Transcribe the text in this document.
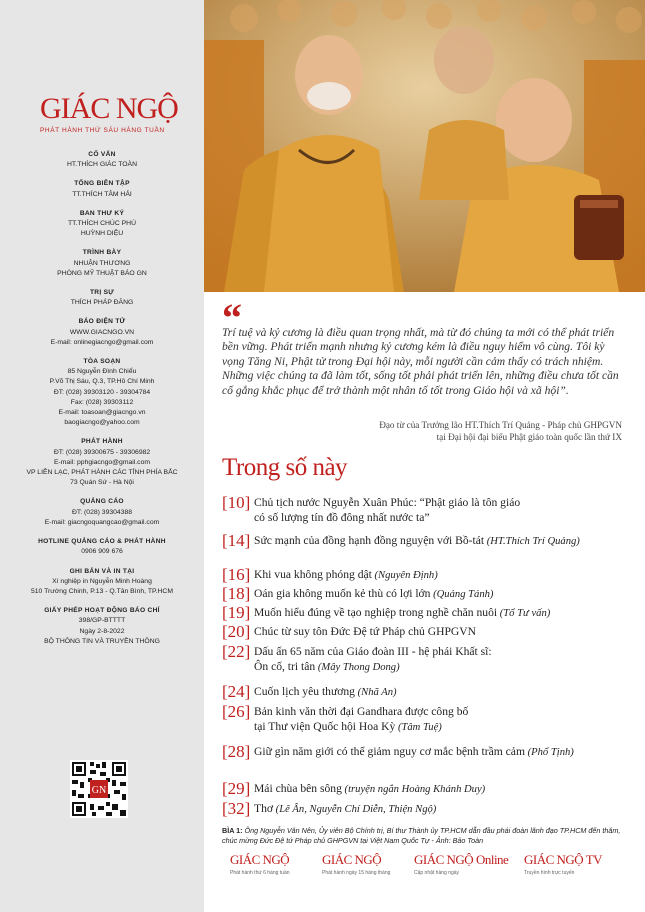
GIÁC NGỘ
PHÁT HÀNH THỨ SÁU HÀNG TUẦN
CỐ VẤN
HT.THÍCH GIÁC TOÀN
TỔNG BIÊN TẬP
TT.THÍCH TÂM HẢI
BAN THƯ KÝ
TT.THÍCH CHÚC PHÚ
HUỲNH DIỆU
TRÌNH BÀY
NHUẬN THƯƠNG
PHÒNG MỸ THUẬT BÁO GN
TRỊ SỰ
THÍCH PHÁP ĐĂNG
BÁO ĐIỆN TỬ
WWW.GIACNGO.VN
E-mail: onlinegiacngo@gmail.com
TÒA SOẠN
85 Nguyễn Đình Chiểu
P.Võ Thị Sáu, Q.3, TP.Hồ Chí Minh
ĐT: (028) 39303120 - 39304784
Fax: (028) 39303112
E-mail: toasoan@giacngo.vn
baogiacngo@yahoo.com
PHÁT HÀNH
ĐT: (028) 39300675 - 39306982
E-mail: pphgiacngo@gmail.com
VP LIÊN LẠC, PHÁT HÀNH CÁC TỈNH PHÍA BẮC
73 Quán Sứ - Hà Nội
QUẢNG CÁO
ĐT: (028) 39304388
E-mail: giacngoquangcao@gmail.com
HOTLINE QUẢNG CÁO & PHÁT HÀNH
0906 909 676
GHI BẢN VÀ IN TẠI
Xí nghiệp in Nguyễn Minh Hoàng
510 Trường Chinh, P.13 - Q.Tân Bình, TP.HCM
GIẤY PHÉP HOẠT ĐỘNG BÁO CHÍ
398/GP-BTTTT
Ngày 2-8-2022
BỘ THÔNG TIN VÀ TRUYỀN THÔNG
GN
“
Trí tuệ và kỷ cương là điều quan trọng nhất, mà từ đó chúng ta mới có thể phát triển bền vững. Phát triển mạnh nhưng kỷ cương kém là điều nguy hiểm vô cùng. Tôi kỳ vọng Tăng Ni, Phật tử trong Đại hội này, mỗi người cần cảm thấy có trách nhiệm. Những việc chúng ta đã làm tốt, sống tốt phải phát triển lên, những điều chưa tốt cần cố gắng khắc phục để trở thành một nhân tố tốt trong Giáo hội và xã hội”.
Đạo từ của Trưởng lão HT.Thích Trí Quảng - Pháp chủ GHPGVN
tại Đại hội đại biểu Phật giáo toàn quốc lần thứ IX
Trong số này
[10] Chủ tịch nước Nguyễn Xuân Phúc: “Phật giáo là tôn giáo
có số lượng tín đồ đông nhất nước ta”
[14] Sức mạnh của đồng hạnh đồng nguyện với Bồ-tát (HT.Thích Trí Quảng)
[16] Khi vua không phóng dật (Nguyên Định)
[18] Oán gia không muốn kẻ thù có lợi lớn (Quảng Tánh)
[19] Muốn hiểu đúng về tạo nghiệp trong nghề chăn nuôi (Tổ Tư vấn)
[20] Chúc từ suy tôn Đức Đệ tứ Pháp chủ GHPGVN
[22] Dấu ấn 65 năm của Giáo đoàn III - hệ phái Khất sĩ:
Ôn cố, tri tân (Mây Thong Dong)
[24] Cuốn lịch yêu thương (Nhã An)
[26] Bản kinh văn thời đại Gandhara được công bố
tại Thư viện Quốc hội Hoa Kỳ (Tâm Tuệ)
[28] Giữ gìn năm giới có thể giảm nguy cơ mắc bệnh trầm cảm (Phổ Tịnh)
[29] Mái chùa bên sông (truyện ngắn Hoàng Khánh Duy)
[32] Thơ (Lê Ân, Nguyễn Chí Diễn, Thiện Ngộ)
BÌA 1: Ông Nguyễn Văn Nên, Ủy viên Bộ Chính trị, Bí thư Thành ủy TP.HCM dẫn đầu phái đoàn lãnh đạo TP.HCM đến thăm, chúc mừng Đức Đệ tứ Pháp chủ GHPGVN tại Việt Nam Quốc Tự - Ảnh: Bảo Toàn
GIÁC NGỘ
Phát hành thứ 6 hàng tuần
GIÁC NGỘ
Phát hành ngày 15 hàng tháng
GIÁC NGỘ Online
Cập nhật hàng ngày
GIÁC NGỘ TV
Truyền hình trực tuyến
